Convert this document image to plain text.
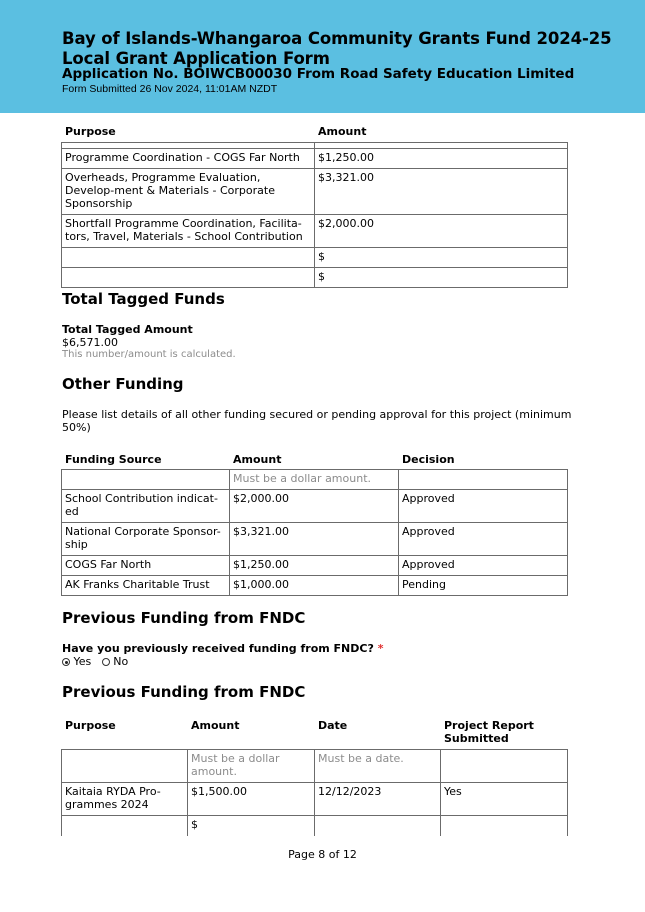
Bay of Islands-Whangaroa Community Grants Fund 2024-25 Local Grant Application Form
Application No. BOIWCB00030 From Road Safety Education Limited
Form Submitted 26 Nov 2024, 11:01AM NZDT
Purpose	Amount

Programme Coordination - COGS Far North	$1,250.00
Overheads, Programme Evaluation, Develop-ment & Materials - Corporate Sponsorship	$3,321.00
Shortfall Programme Coordination, Facilita-tors, Travel, Materials - School Contribution	$2,000.00
	$
	$
Total Tagged Funds
Total Tagged Amount
$6,571.00
This number/amount is calculated.
Other Funding
Please list details of all other funding secured or pending approval for this project (minimum 50%)
Funding Source	Amount	Decision
	Must be a dollar amount.	
School Contribution indicat-ed	$2,000.00	Approved
National Corporate Sponsor-ship	$3,321.00	Approved
COGS Far North	$1,250.00	Approved
AK Franks Charitable Trust	$1,000.00	Pending
Previous Funding from FNDC
Have you previously received funding from FNDC? *
Yes No
Previous Funding from FNDC
Purpose	Amount	Date	Project Report Submitted
	Must be a dollar amount.	Must be a date.	
Kaitaia RYDA Pro-grammes 2024	$1,500.00	12/12/2023	Yes
	$		
Page 8 of 12
